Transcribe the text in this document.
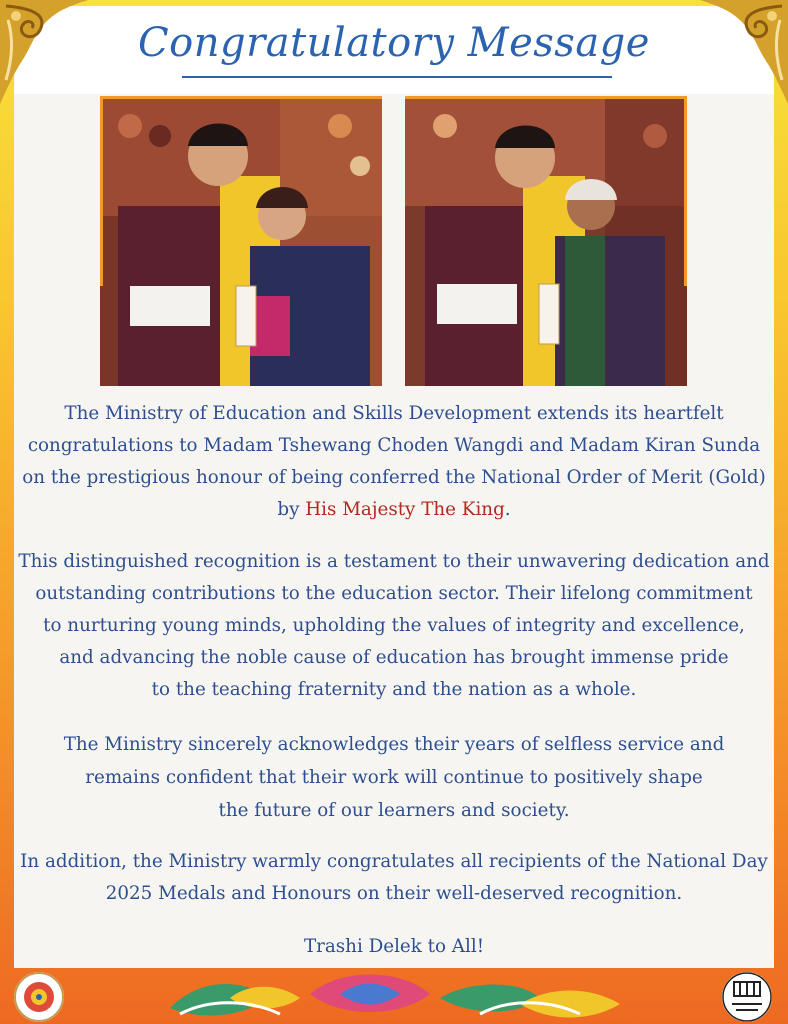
Congratulatory Message
The Ministry of Education and Skills Development extends its heartfelt
congratulations to Madam Tshewang Choden Wangdi and Madam Kiran Sunda
on the prestigious honour of being conferred the National Order of Merit (Gold)
by His Majesty The King.
This distinguished recognition is a testament to their unwavering dedication and
outstanding contributions to the education sector. Their lifelong commitment
to nurturing young minds, upholding the values of integrity and excellence,
and advancing the noble cause of education has brought immense pride
to the teaching fraternity and the nation as a whole.
The Ministry sincerely acknowledges their years of selfless service and
remains confident that their work will continue to positively shape
the future of our learners and society.
In addition, the Ministry warmly congratulates all recipients of the National Day
2025 Medals and Honours on their well-deserved recognition.
Trashi Delek to All!
